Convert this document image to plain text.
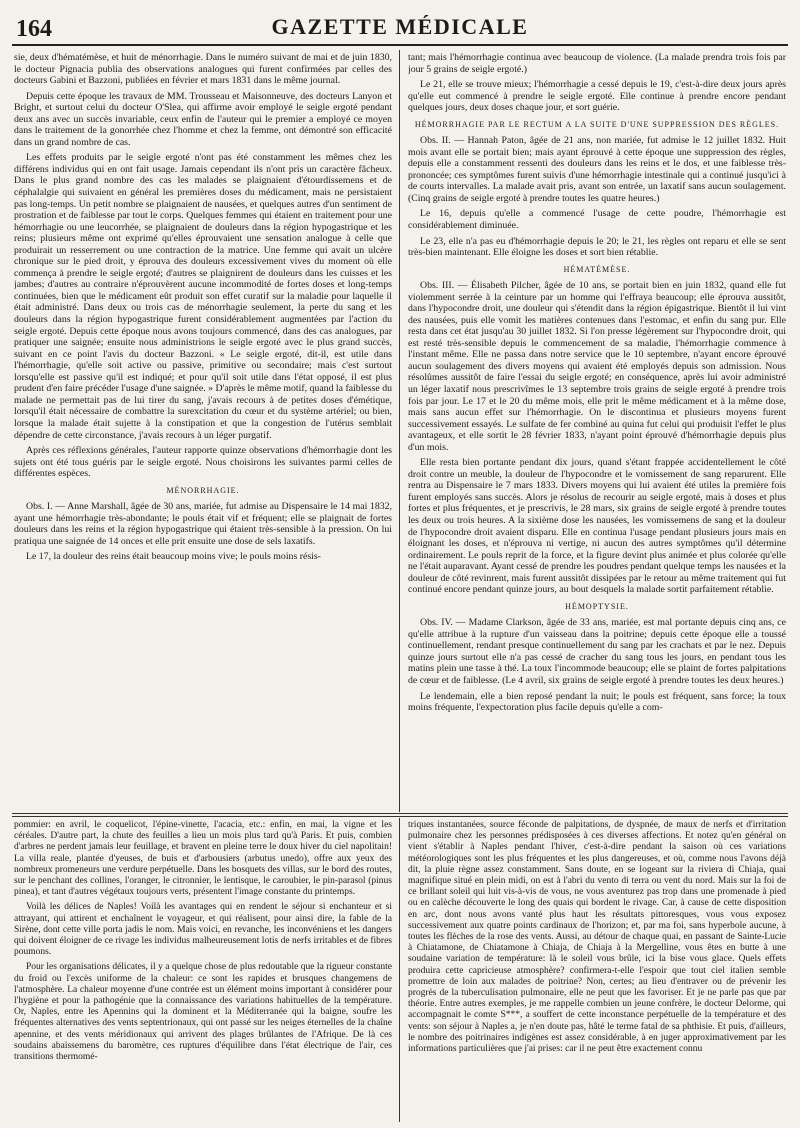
164	GAZETTE MÉDICALE

sie, deux d'hématémèse, et huit de ménorrhagie. Dans le numéro suivant de mai et de juin 1830, le docteur Pignacia publia des observations analogues qui furent confirmées par celles des docteurs Gabini et Bazzoni, publiées en février et mars 1831 dans le même journal.

Depuis cette époque les travaux de MM. Trousseau et Maisonneuve, des docteurs Lanyon et Bright, et surtout celui du docteur O'Slea, qui affirme avoir employé le seigle ergoté pendant deux ans avec un succès invariable, ceux enfin de l'auteur qui le premier a employé ce moyen dans le traitement de la gonorrhée chez l'homme et chez la femme, ont démontré son efficacité dans un grand nombre de cas.

Les effets produits par le seigle ergoté n'ont pas été constamment les mêmes chez les différens individus qui en ont fait usage. Jamais cependant ils n'ont pris un caractère fâcheux. Dans le plus grand nombre des cas les malades se plaignaient d'étourdissemens et de céphalalgie qui suivaient en général les premières doses du médicament, mais ne persistaient pas long-temps. Un petit nombre se plaignaient de nausées, et quelques autres d'un sentiment de prostration et de faiblesse par tout le corps. Quelques femmes qui étaient en traitement pour une hémorrhagie ou une leucorrhée, se plaignaient de douleurs dans la région hypogastrique et les reins; plusieurs même ont exprimé qu'elles éprouvaient une sensation analogue à celle que produirait un resserrement ou une contraction de la matrice. Une femme qui avait un ulcère chronique sur le pied droit, y éprouva des douleurs excessivement vives du moment où elle commença à prendre le seigle ergoté; d'autres se plaignirent de douleurs dans les cuisses et les jambes; d'autres au contraire n'éprouvèrent aucune incommodité de fortes doses et long-temps continuées, bien que le médicament eût produit son effet curatif sur la maladie pour laquelle il était administré. Dans deux ou trois cas de ménorrhagie seulement, la perte du sang et les douleurs dans la région hypogastrique furent considérablement augmentées par l'action du seigle ergoté. Depuis cette époque nous avons toujours commencé, dans des cas analogues, par pratiquer une saignée; ensuite nous administrions le seigle ergoté avec le plus grand succès, suivant en ce point l'avis du docteur Bazzoni. « Le seigle ergoté, dit-il, est utile dans l'hémorrhagie, qu'elle soit active ou passive, primitive ou secondaire; mais c'est surtout lorsqu'elle est passive qu'il est indiqué; et pour qu'il soit utile dans l'état opposé, il est plus prudent d'en faire précéder l'usage d'une saignée. » D'après le même motif, quand la faiblesse du malade ne permettait pas de lui tirer du sang, j'avais recours à de petites doses d'émétique, lorsqu'il était nécessaire de combattre la surexcitation du cœur et du système artériel; ou bien, lorsque la malade était sujette à la constipation et que la congestion de l'utérus semblait dépendre de cette circonstance, j'avais recours à un léger purgatif.

Après ces réflexions générales, l'auteur rapporte quinze observations d'hémorrhagie dont les sujets ont été tous guéris par le seigle ergoté. Nous choisirons les suivantes parmi celles de différentes espèces.

MÉNORRHAGIE.

Obs. I. — Anne Marshall, âgée de 30 ans, mariée, fut admise au Dispensaire le 14 mai 1832, ayant une hémorrhagie très-abondante; le pouls était vif et fréquent; elle se plaignait de fortes douleurs dans les reins et la région hypogastrique qui étaient très-sensible à la pression. On lui pratiqua une saignée de 14 onces et elle prit ensuite une dose de sels laxatifs.

Le 17, la douleur des reins était beaucoup moins vive; le pouls moins résis-

tant; mais l'hémorrhagie continua avec beaucoup de violence. (La malade prendra trois fois par jour 5 grains de seigle ergoté.)

Le 21, elle se trouve mieux; l'hémorrhagie a cessé depuis le 19, c'est-à-dire deux jours après qu'elle eut commencé à prendre le seigle ergoté. Elle continue à prendre encore pendant quelques jours, deux doses chaque jour, et sort guérie.

HÉMORRHAGIE PAR LE RECTUM A LA SUITE D'UNE SUPPRESSION DES RÈGLES.

Obs. II. — Hannah Paton, âgée de 21 ans, non mariée, fut admise le 12 juillet 1832. Huit mois avant elle se portait bien; mais ayant éprouvé à cette époque une suppression des règles, depuis elle a constamment ressenti des douleurs dans les reins et le dos, et une faiblesse très-prononcée; ces symptômes furent suivis d'une hémorrhagie intestinale qui a continué jusqu'ici à de courts intervalles. La malade avait pris, avant son entrée, un laxatif sans aucun soulagement. (Cinq grains de seigle ergoté à prendre toutes les quatre heures.)

Le 16, depuis qu'elle a commencé l'usage de cette poudre, l'hémorrhagie est considérablement diminuée.

Le 23, elle n'a pas eu d'hémorrhagie depuis le 20; le 21, les règles ont reparu et elle se sent très-bien maintenant. Elle éloigne les doses et sort bien rétablie.

HÉMATÉMÈSE.

Obs. III. — Élisabeth Pilcher, âgée de 10 ans, se portait bien en juin 1832, quand elle fut violemment serrée à la ceinture par un homme qui l'effraya beaucoup; elle éprouva aussitôt, dans l'hypocondre droit, une douleur qui s'étendit dans la région épigastrique. Bientôt il lui vint des nausées, puis elle vomit les matières contenues dans l'estomac, et enfin du sang pur. Elle resta dans cet état jusqu'au 30 juillet 1832. Si l'on presse légèrement sur l'hypocondre droit, qui est resté très-sensible depuis le commencement de sa maladie, l'hémorrhagie commence à l'instant même. Elle ne passa dans notre service que le 10 septembre, n'ayant encore éprouvé aucun soulagement des divers moyens qui avaient été employés depuis son admission. Nous résolûmes aussitôt de faire l'essai du seigle ergoté; en conséquence, après lui avoir administré un léger laxatif nous prescrivîmes le 13 septembre trois grains de seigle ergoté à prendre trois fois par jour. Le 17 et le 20 du même mois, elle prit le même médicament et à la même dose, mais sans aucun effet sur l'hémorrhagie. On le discontinua et plusieurs moyens furent successivement essayés. Le sulfate de fer combiné au quina fut celui qui produisit l'effet le plus avantageux, et elle sortit le 28 février 1833, n'ayant point éprouvé d'hémorrhagie depuis plus d'un mois.

Elle resta bien portante pendant dix jours, quand s'étant frappée accidentellement le côté droit contre un meuble, la douleur de l'hypocondre et le vomissement de sang reparurent. Elle rentra au Dispensaire le 7 mars 1833. Divers moyens qui lui avaient été utiles la première fois furent employés sans succès. Alors je résolus de recourir au seigle ergoté, mais à doses et plus fortes et plus fréquentes, et je prescrivis, le 28 mars, six grains de seigle ergoté à prendre toutes les deux ou trois heures. A la sixième dose les nausées, les vomissemens de sang et la douleur de l'hypocondre droit avaient disparu. Elle en continua l'usage pendant plusieurs jours mais en éloignant les doses, et n'éprouva ni vertige, ni aucun des autres symptômes qu'il détermine ordinairement. Le pouls reprit de la force, et la figure devint plus animée et plus colorée qu'elle ne l'était auparavant. Ayant cessé de prendre les poudres pendant quelque temps les nausées et la douleur de côté revinrent, mais furent aussitôt dissipées par le retour au même traitement qui fut continué encore pendant quinze jours, au bout desquels la malade sortit parfaitement rétablie.

HÉMOPTYSIE.

Obs. IV. — Madame Clarkson, âgée de 33 ans, mariée, est mal portante depuis cinq ans, ce qu'elle attribue à la rupture d'un vaisseau dans la poitrine; depuis cette époque elle a toussé continuellement, rendant presque continuellement du sang par les crachats et par le nez. Depuis quinze jours surtout elle n'a pas cessé de cracher du sang tous les jours, en pendant tous les matins plein une tasse à thé. La toux l'incommode beaucoup; elle se plaint de fortes palpitations de cœur et de faiblesse. (Le 4 avril, six grains de seigle ergoté à prendre toutes les deux heures.)

Le lendemain, elle a bien reposé pendant la nuit; le pouls est fréquent, sans force; la toux moins fréquente, l'expectoration plus facile depuis qu'elle a com-

pommier: en avril, le coquelicot, l'épine-vinette, l'acacia, etc.: enfin, en mai, la vigne et les céréales. D'autre part, la chute des feuilles a lieu un mois plus tard qu'à Paris. Et puis, combien d'arbres ne perdent jamais leur feuillage, et bravent en pleine terre le doux hiver du ciel napolitain! La villa reale, plantée d'yeuses, de buis et d'arbousiers (arbutus unedo), offre aux yeux des nombreux promeneurs une verdure perpétuelle. Dans les bosquets des villas, sur le bord des routes, sur le penchant des collines, l'oranger, le citronnier, le lentisque, le caroubier, le pin-parasol (pinus pinea), et tant d'autres végétaux toujours verts, présentent l'image constante du printemps.

Voilà les délices de Naples! Voilà les avantages qui en rendent le séjour si enchanteur et si attrayant, qui attirent et enchaînent le voyageur, et qui réalisent, pour ainsi dire, la fable de la Sirène, dont cette ville porta jadis le nom. Mais voici, en revanche, les inconvéniens et les dangers qui doivent éloigner de ce rivage les individus malheureusement lotis de nerfs irritables et de fibres poumons.

Pour les organisations délicates, il y a quelque chose de plus redoutable que la rigueur constante du froid ou l'excès uniforme de la chaleur: ce sont les rapides et brusques changemens de l'atmosphère. La chaleur moyenne d'une contrée est un élément moins important à considérer pour l'hygiène et pour la pathogénie que la connaissance des variations habituelles de la température. Or, Naples, entre les Apennins qui la dominent et la Méditerranée qui la baigne, soufre les fréquentes alternatives des vents septentrionaux, qui ont passé sur les neiges éternelles de la chaîne apennine, et des vents méridionaux qui arrivent des plages brûlantes de l'Afrique. De là ces soudains abaissemens du baromètre, ces ruptures d'équilibre dans l'état électrique de l'air, ces transitions thermomé-

triques instantanées, source féconde de palpitations, de dyspnée, de maux de nerfs et d'irritation pulmonaire chez les personnes prédisposées à ces diverses affections. Et notez qu'en général on vient s'établir à Naples pendant l'hiver, c'est-à-dire pendant la saison où ces variations météorologiques sont les plus fréquentes et les plus dangereuses, et où, comme nous l'avons déjà dit, la pluie règne assez constamment. Sans doute, en se logeant sur la riviera di Chiaja, quai magnifique situé en plein midi, on est à l'abri du vento di terra ou vent du nord. Mais sur la foi de ce brillant soleil qui luit vis-à-vis de vous, ne vous aventurez pas trop dans une promenade à pied ou en calèche découverte le long des quais qui bordent le rivage. Car, à cause de cette disposition en arc, dont nous avons vanté plus haut les résultats pittoresques, vous vous exposez successivement aux quatre points cardinaux de l'horizon; et, par ma foi, sans hyperbole aucune, à toutes les flèches de la rose des vents. Aussi, au détour de chaque quai, en passant de Sainte-Lucie à Chiatamone, de Chiatamone à Chiaja, de Chiaja à la Mergelline, vous êtes en butte à une soudaine variation de température: là le soleil vous brûle, ici la bise vous glace. Quels effets produira cette capricieuse atmosphère? confirmera-t-elle l'espoir que tout ciel italien semble promettre de loin aux malades de poitrine? Non, certes; au lieu d'entraver ou de prévenir les progrès de la tuberculisation pulmonaire, elle ne peut que les favoriser. Et je ne parle pas que par théorie. Entre autres exemples, je me rappelle combien un jeune confrère, le docteur Delorme, qui accompagnait le comte S***, a souffert de cette inconstance perpétuelle de la température et des vents: son séjour à Naples a, je n'en doute pas, hâté le terme fatal de sa phthisie. Et puis, d'ailleurs, le nombre des poitrinaires indigènes est assez considérable, à en juger approximativement par les informations particulières que j'ai prises: car il ne peut être exactement connu
